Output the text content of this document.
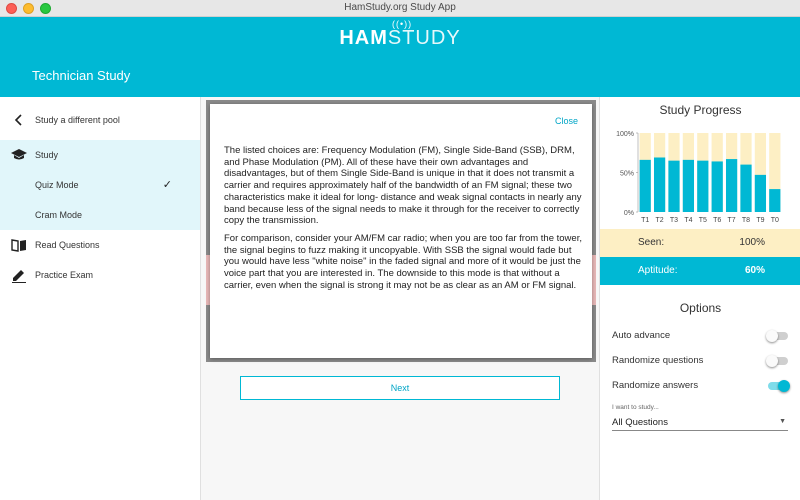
HamStudy.org Study App
((•))
HAMSTUDY
Technician Study
Study a different pool
Study
Quiz Mode	✓
Cram Mode
Read Questions
Practice Exam
Close

The listed choices are: Frequency Modulation (FM), Single Side-Band (SSB), DRM, and Phase Modulation (PM). All of these have their own advantages and disadvantages, but of them Single Side-Band is unique in that it does not transmit a carrier and requires approximately half of the bandwidth of an FM signal; these two characteristics make it ideal for long- distance and weak signal contacts in nearly any band because less of the signal needs to make it through for the receiver to correctly copy the transmission.

For comparison, consider your AM/FM car radio; when you are too far from the tower, the signal begins to fuzz making it uncopyable. With SSB the signal would fade but you would have less "white noise" in the faded signal and more of it would be just the voice part that you are interested in. The downside to this mode is that without a carrier, even when the signal is strong it may not be as clear as an AM or FM signal.

Next
Study Progress
0%
50%
100%
T1 T2 T3 T4 T5 T6 T7 T8 T9 T0
Seen:	100%
Aptitude:	60%
Options
Auto advance
Randomize questions
Randomize answers
I want to study...
All Questions	▼
